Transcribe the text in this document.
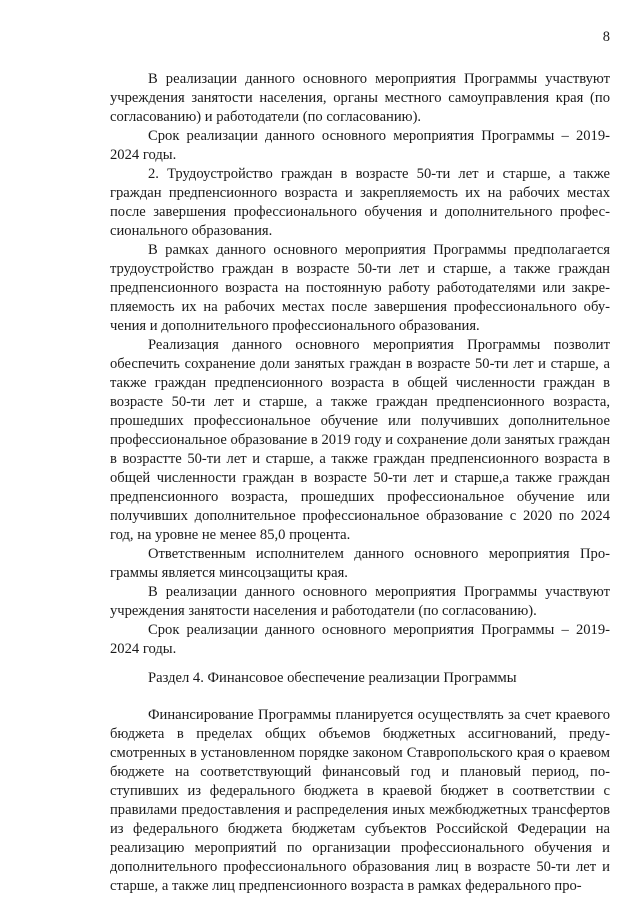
8

В реализации данного основного мероприятия Программы участвуют учреждения занятости населения, органы местного самоуправления края (по согласованию) и работодатели (по согласованию).

Срок реализации данного основного мероприятия Программы – 2019-2024 годы.

2. Трудоустройство граждан в возрасте 50-ти лет и старше, а также граждан предпенсионного возраста и закрепляемость их на рабочих местах после завершения профессионального обучения и дополнительного профессионального образования.

В рамках данного основного мероприятия Программы предполагается трудоустройство граждан в возрасте 50-ти лет и старше, а также граждан предпенсионного возраста на постоянную работу работодателями или закрепляемость их на рабочих местах после завершения профессионального обучения и дополнительного профессионального образования.

Реализация данного основного мероприятия Программы позволит обеспечить сохранение доли занятых граждан в возрасте 50-ти лет и старше, а также граждан предпенсионного возраста в общей численности граждан в возрасте 50-ти лет и старше, а также граждан предпенсионного возраста, прошедших профессиональное обучение или получивших дополнительное профессиональное образование в 2019 году и сохранение доли занятых граждан в возрастте 50-ти лет и старше, а также граждан предпенсионного возраста в общей численности граждан в возрасте 50-ти лет и старше,а также граждан предпенсионного возраста, прошедших профессиональное обучение или получивших дополнительное профессиональное образование с 2020 по 2024 год, на уровне не менее 85,0 процента.

Ответственным исполнителем данного основного мероприятия Программы является минсоцзащиты края.

В реализации данного основного мероприятия Программы участвуют учреждения занятости населения и работодатели (по согласованию).

Срок реализации данного основного мероприятия Программы – 2019-2024 годы.

Раздел 4. Финансовое обеспечение реализации Программы

Финансирование Программы планируется осуществлять за счет краевого бюджета в пределах общих объемов бюджетных ассигнований, предусмотренных в установленном порядке законом Ставропольского края о краевом бюджете на соответствующий финансовый год и плановый период, поступивших из федерального бюджета в краевой бюджет в соответствии с правилами предоставления и распределения иных межбюджетных трансфертов из федерального бюджета бюджетам субъектов Российской Федерации на реализацию мероприятий по организации профессионального обучения и дополнительного профессионального образования лиц в возрасте 50-ти лет и старше, а также лиц предпенсионного возраста в рамках федерального про-
